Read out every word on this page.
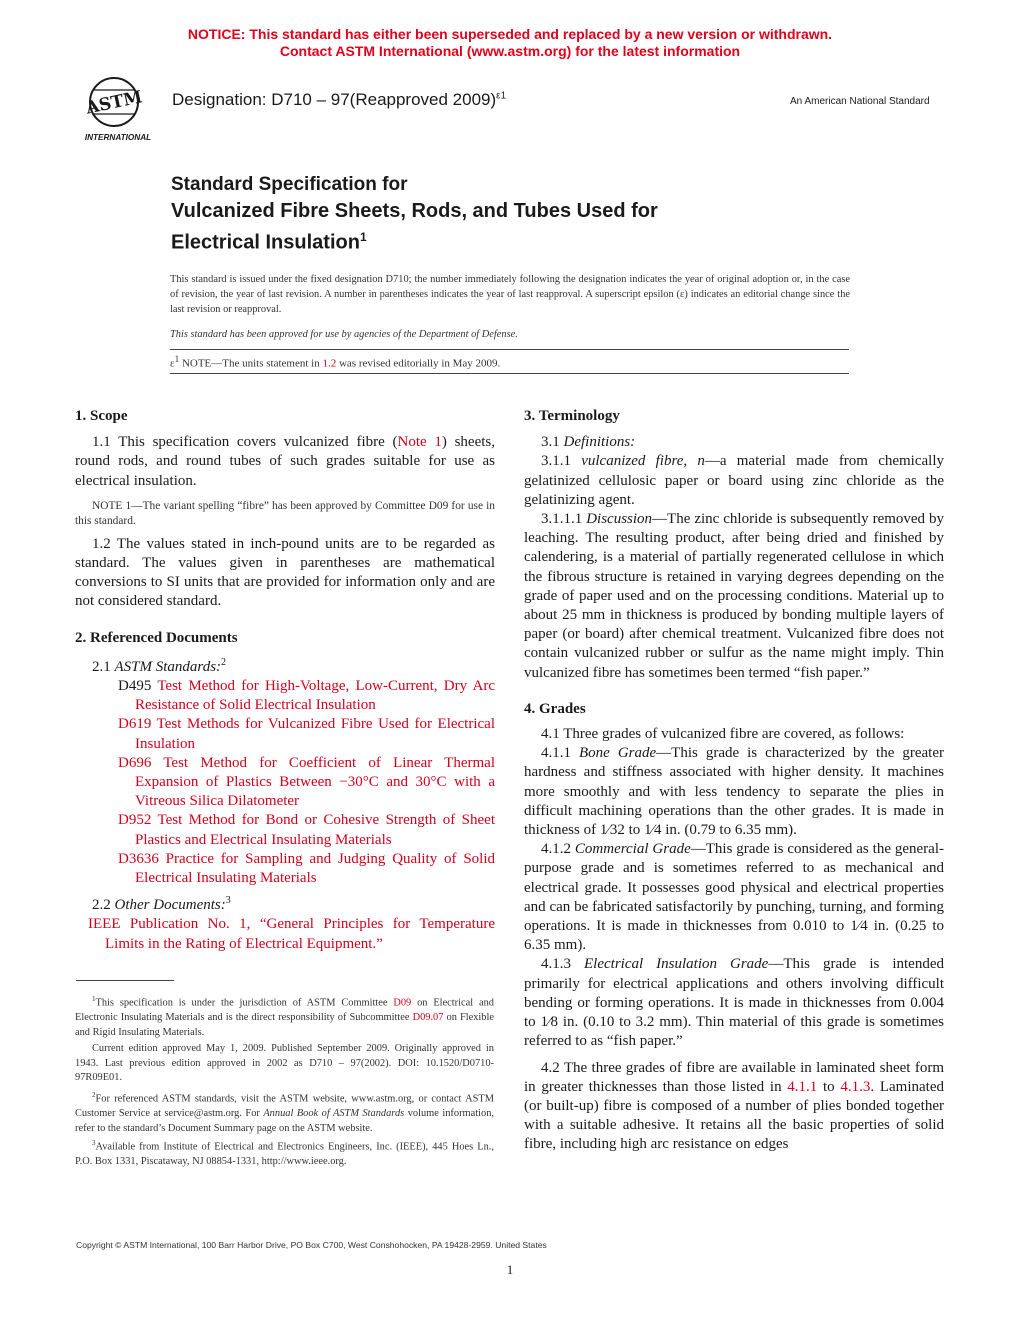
NOTICE: This standard has either been superseded and replaced by a new version or withdrawn.
Contact ASTM International (www.astm.org) for the latest information
ASTM
INTERNATIONAL
Designation: D710 – 97(Reapproved 2009)$^{\varepsilon 1}$
An American National Standard
Standard Specification for
Vulcanized Fibre Sheets, Rods, and Tubes Used for
Electrical Insulation$^1$
This standard is issued under the fixed designation D710; the number immediately following the designation indicates the year of original adoption or, in the case of revision, the year of last revision. A number in parentheses indicates the year of last reapproval. A superscript epsilon (ε) indicates an editorial change since the last revision or reapproval.
This standard has been approved for use by agencies of the Department of Defense.
$\varepsilon^1$ NOTE—The units statement in 1.2 was revised editorially in May 2009.
1. Scope

1.1 This specification covers vulcanized fibre (Note 1) sheets, round rods, and round tubes of such grades suitable for use as electrical insulation.

NOTE 1—The variant spelling “fibre” has been approved by Committee D09 for use in this standard.

1.2 The values stated in inch-pound units are to be regarded as standard. The values given in parentheses are mathematical conversions to SI units that are provided for information only and are not considered standard.

2. Referenced Documents

2.1 ASTM Standards:$^2$

D495 Test Method for High-Voltage, Low-Current, Dry Arc Resistance of Solid Electrical Insulation

D619 Test Methods for Vulcanized Fibre Used for Electrical Insulation

D696 Test Method for Coefficient of Linear Thermal Expansion of Plastics Between −30°C and 30°C with a Vitreous Silica Dilatometer

D952 Test Method for Bond or Cohesive Strength of Sheet Plastics and Electrical Insulating Materials

D3636 Practice for Sampling and Judging Quality of Solid Electrical Insulating Materials

2.2 Other Documents:$^3$

IEEE Publication No. 1, “General Principles for Temperature Limits in the Rating of Electrical Equipment.”

$^1$This specification is under the jurisdiction of ASTM Committee D09 on Electrical and Electronic Insulating Materials and is the direct responsibility of Subcommittee D09.07 on Flexible and Rigid Insulating Materials.

Current edition approved May 1, 2009. Published September 2009. Originally approved in 1943. Last previous edition approved in 2002 as D710 – 97(2002). DOI: 10.1520/D0710-97R09E01.

$^2$For referenced ASTM standards, visit the ASTM website, www.astm.org, or contact ASTM Customer Service at service@astm.org. For Annual Book of ASTM Standards volume information, refer to the standard’s Document Summary page on the ASTM website.

$^3$Available from Institute of Electrical and Electronics Engineers, Inc. (IEEE), 445 Hoes Ln., P.O. Box 1331, Piscataway, NJ 08854-1331, http://www.ieee.org.

3. Terminology

3.1 Definitions:

3.1.1 vulcanized fibre, n—a material made from chemically gelatinized cellulosic paper or board using zinc chloride as the gelatinizing agent.

3.1.1.1 Discussion—The zinc chloride is subsequently removed by leaching. The resulting product, after being dried and finished by calendering, is a material of partially regenerated cellulose in which the fibrous structure is retained in varying degrees depending on the grade of paper used and on the processing conditions. Material up to about 25 mm in thickness is produced by bonding multiple layers of paper (or board) after chemical treatment. Vulcanized fibre does not contain vulcanized rubber or sulfur as the name might imply. Thin vulcanized fibre has sometimes been termed “fish paper.”

4. Grades

4.1 Three grades of vulcanized fibre are covered, as follows:

4.1.1 Bone Grade—This grade is characterized by the greater hardness and stiffness associated with higher density. It machines more smoothly and with less tendency to separate the plies in difficult machining operations than the other grades. It is made in thickness of 1⁄32 to 1⁄4 in. (0.79 to 6.35 mm).

4.1.2 Commercial Grade—This grade is considered as the general-purpose grade and is sometimes referred to as mechanical and electrical grade. It possesses good physical and electrical properties and can be fabricated satisfactorily by punching, turning, and forming operations. It is made in thicknesses from 0.010 to 1⁄4 in. (0.25 to 6.35 mm).

4.1.3 Electrical Insulation Grade—This grade is intended primarily for electrical applications and others involving difficult bending or forming operations. It is made in thicknesses from 0.004 to 1⁄8 in. (0.10 to 3.2 mm). Thin material of this grade is sometimes referred to as “fish paper.”

4.2 The three grades of fibre are available in laminated sheet form in greater thicknesses than those listed in 4.1.1 to 4.1.3. Laminated (or built-up) fibre is composed of a number of plies bonded together with a suitable adhesive. It retains all the basic properties of solid fibre, including high arc resistance on edges

Copyright © ASTM International, 100 Barr Harbor Drive, PO Box C700, West Conshohocken, PA 19428-2959. United States
1
